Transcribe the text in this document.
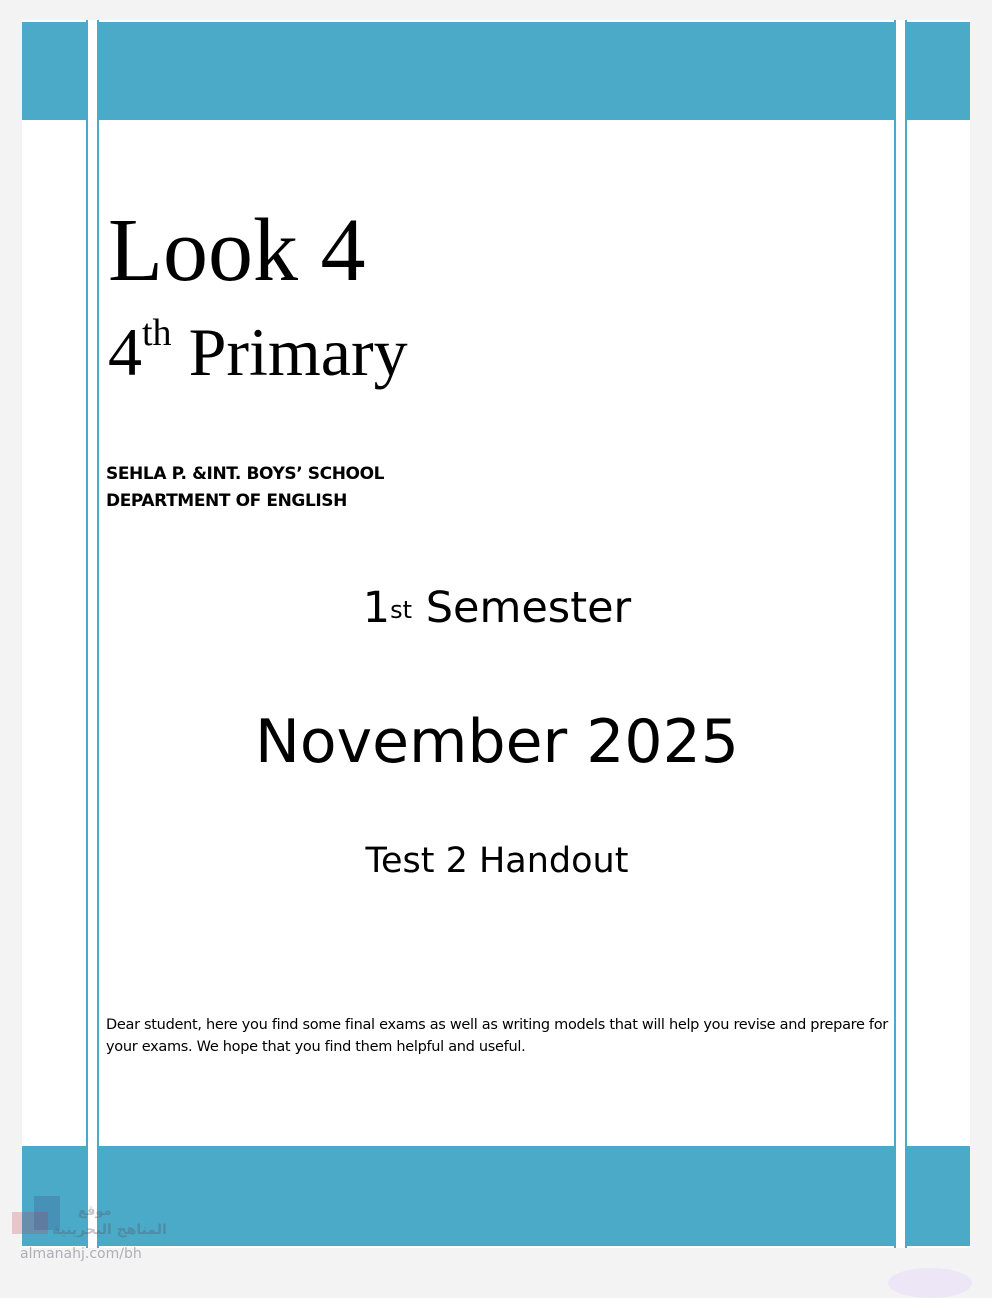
Look 4
4th Primary
SEHLA P. &INT. BOYS’ SCHOOL
DEPARTMENT OF ENGLISH
1st Semester
November 2025
Test 2 Handout
Dear student, here you find some final exams as well as writing models that will help you revise and prepare for your exams. We hope that you find them helpful and useful.
موقع
المناهج البحرينية
almanahj.com/bh
